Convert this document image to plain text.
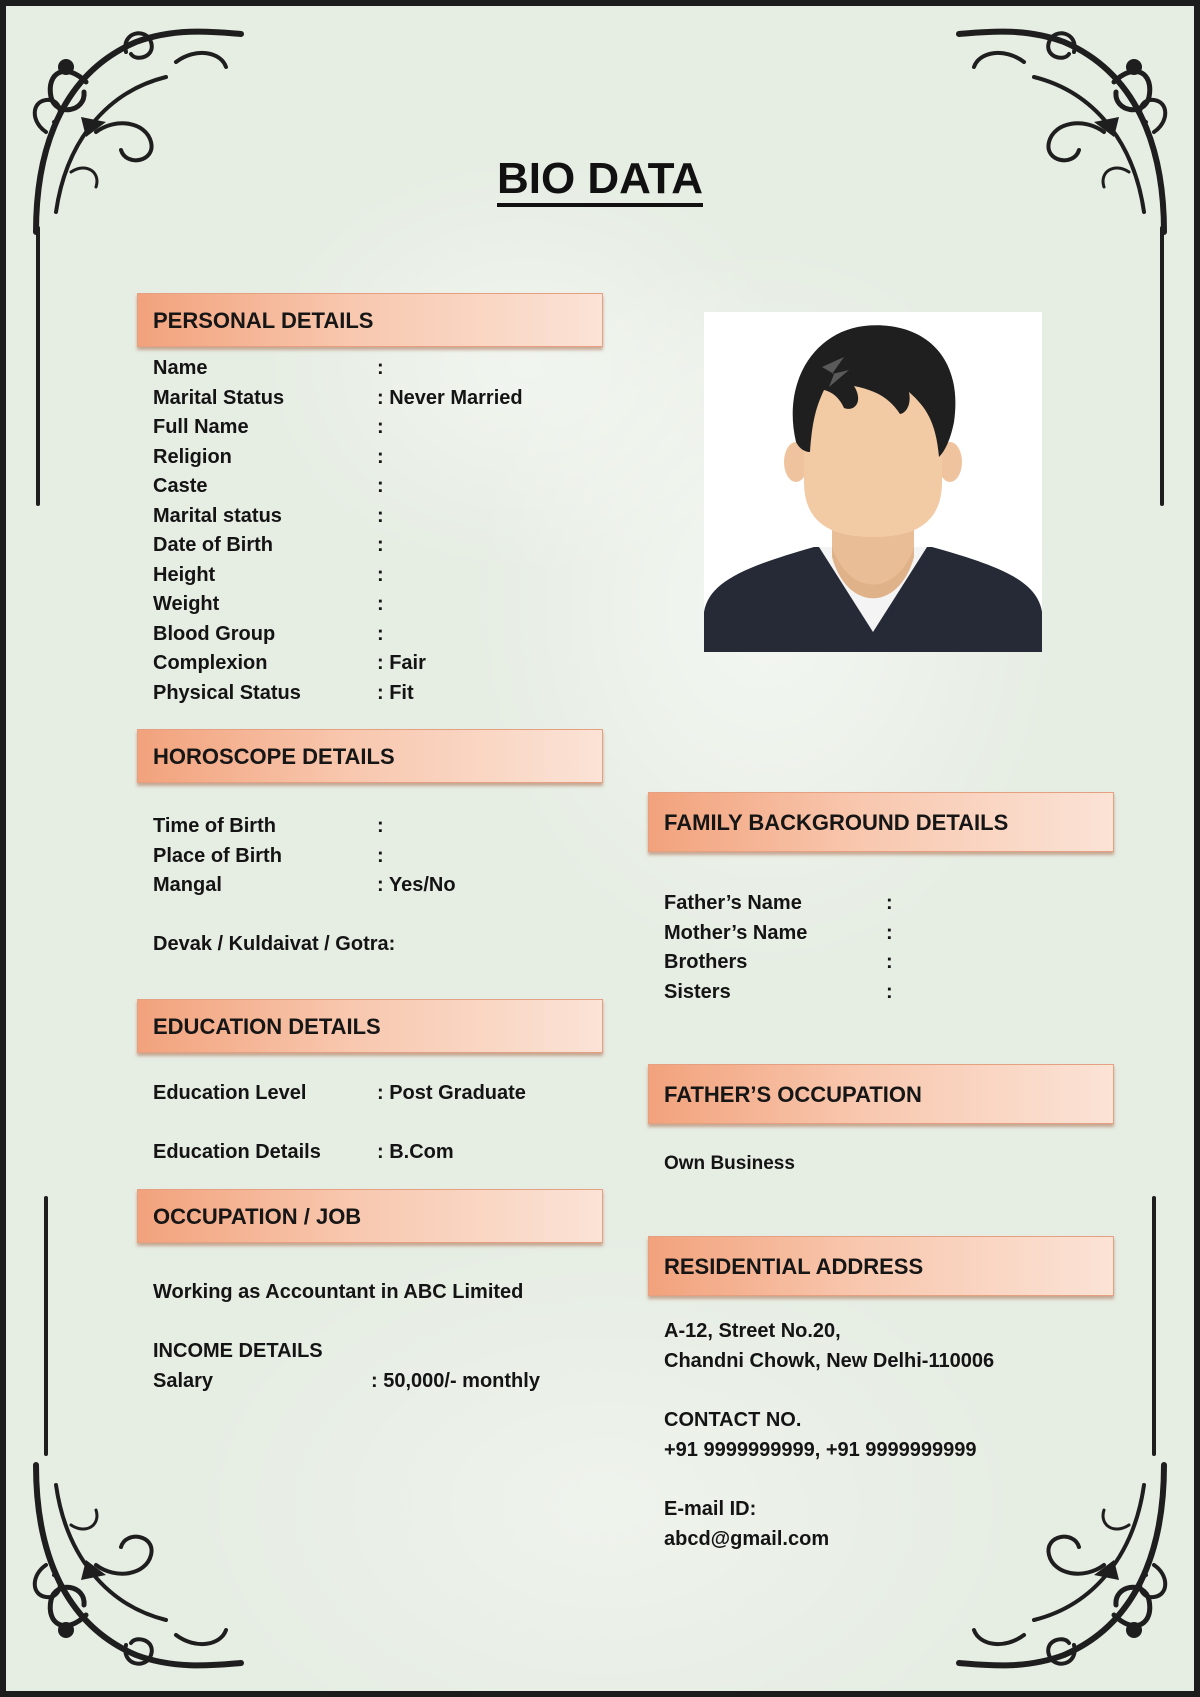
BIO DATA
PERSONAL DETAILS
Name	:
Marital Status	: Never Married
Full Name	:
Religion	:
Caste	:
Marital status	:
Date of Birth	:
Height	:
Weight	:
Blood Group	:
Complexion	: Fair
Physical Status	: Fit
HOROSCOPE DETAILS
Time of Birth	:
Place of Birth	:
Mangal	: Yes/No
Devak / Kuldaivat / Gotra:
EDUCATION DETAILS
Education Level	: Post Graduate
Education Details	: B.Com
OCCUPATION / JOB
Working as Accountant in ABC Limited
INCOME DETAILS
Salary	: 50,000/- monthly
FAMILY BACKGROUND DETAILS
Father’s Name	:
Mother’s Name	:
Brothers	:
Sisters	:
FATHER’S OCCUPATION
Own Business
RESIDENTIAL ADDRESS
A-12, Street No.20,
Chandni Chowk, New Delhi-110006
CONTACT NO.
+91 9999999999, +91 9999999999
E-mail ID:
abcd@gmail.com
